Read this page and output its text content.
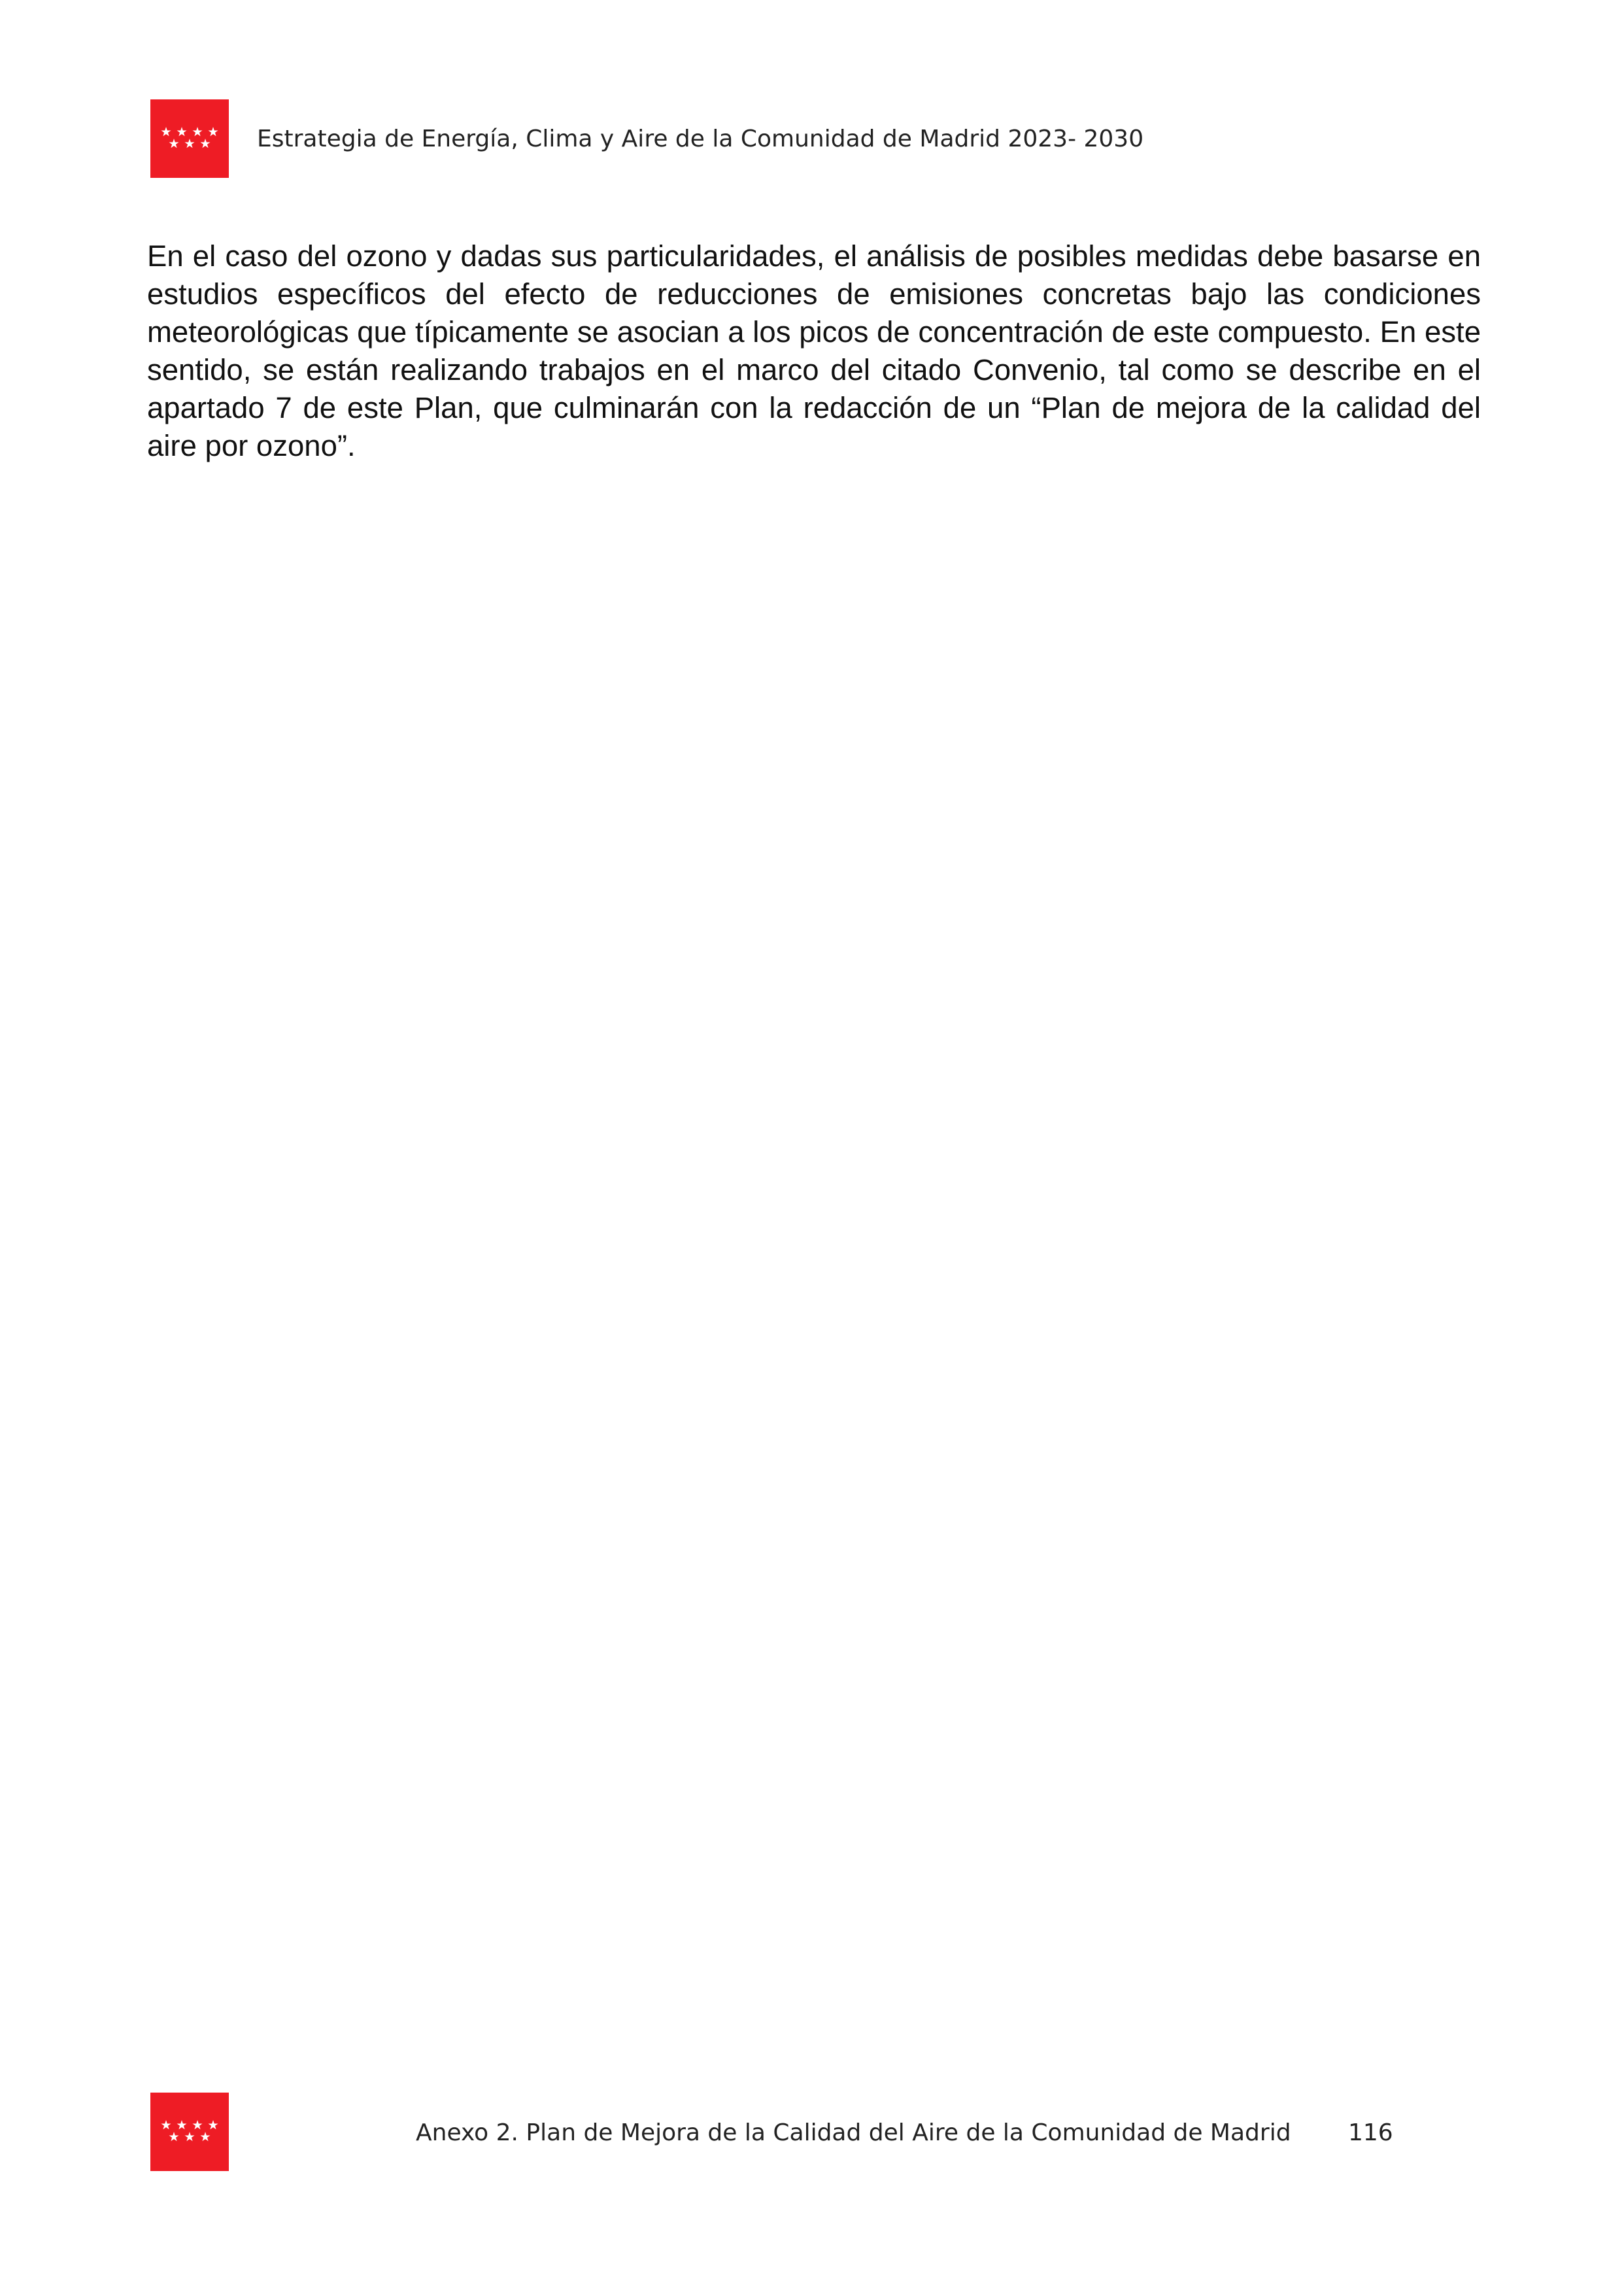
Estrategia de Energía, Clima y Aire de la Comunidad de Madrid 2023- 2030

En el caso del ozono y dadas sus particularidades, el análisis de posibles medidas debe basarse en estudios específicos del efecto de reducciones de emisiones concretas bajo las condiciones meteorológicas que típicamente se asocian a los picos de concentración de este compuesto. En este sentido, se están realizando trabajos en el marco del citado Convenio, tal como se describe en el apartado 7 de este Plan, que culminarán con la redacción de un “Plan de mejora de la calidad del aire por ozono”.

Anexo 2. Plan de Mejora de la Calidad del Aire de la Comunidad de Madrid 116
